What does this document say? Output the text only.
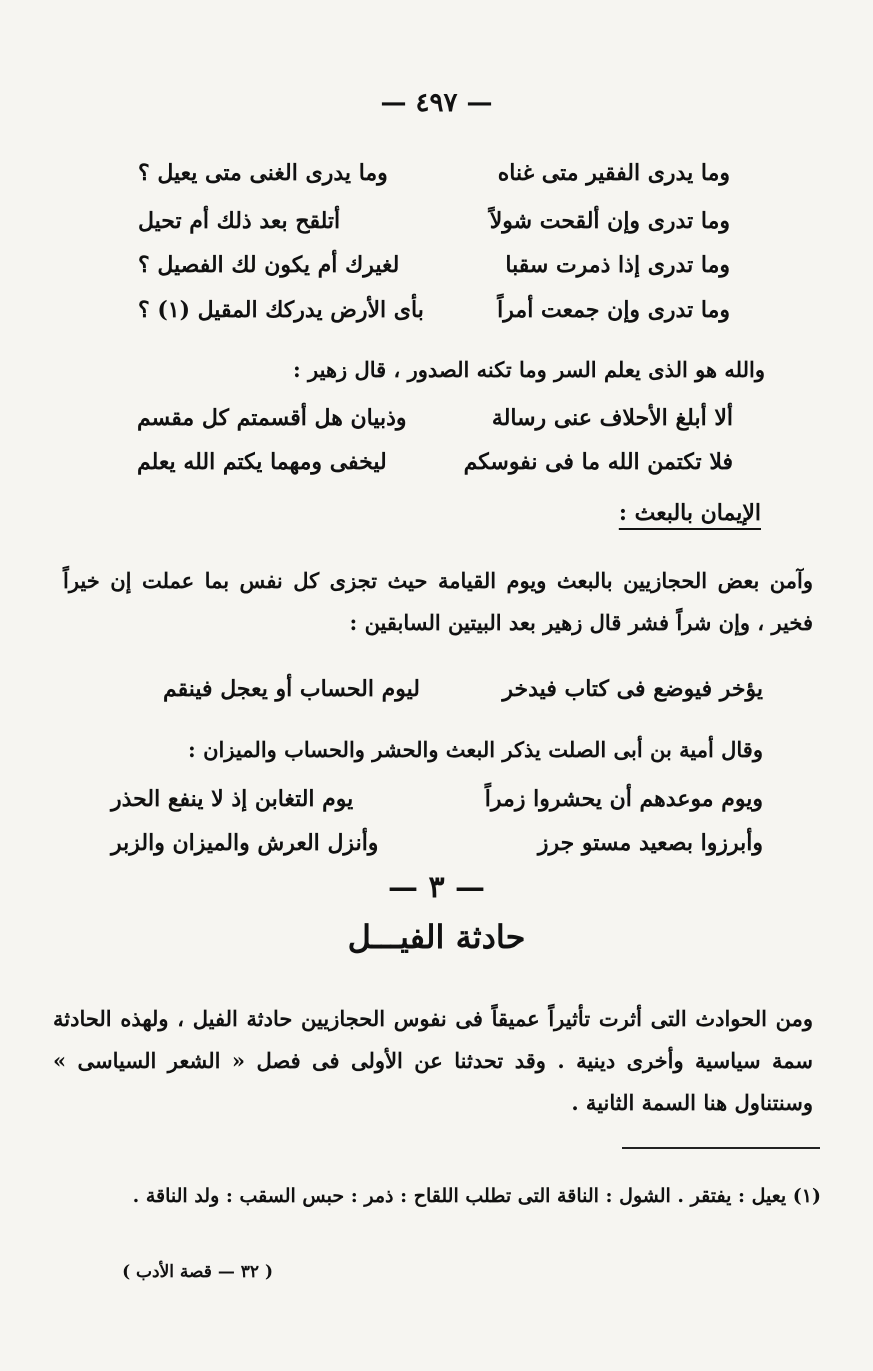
— ٤٩٧ —
وما يدرى الفقير متى غناه
وما يدرى الغنى متى يعيل ؟
وما تدرى وإن ألقحت شولاً
أتلقح بعد ذلك أم تحيل
وما تدرى إذا ذمرت سقبا
لغيرك أم يكون لك الفصيل ؟
وما تدرى وإن جمعت أمراً
بأى الأرض يدركك المقيل (١) ؟

والله هو الذى يعلم السر وما تكنه الصدور ، قال زهير :

ألا أبلغ الأحلاف عنى رسالة
وذبيان هل أقسمتم كل مقسم
فلا تكتمن الله ما فى نفوسكم
ليخفى ومهما يكتم الله يعلم
الإيمان بالبعث :

وآمن بعض الحجازيين بالبعث ويوم القيامة حيث تجزى كل نفس بما عملت إن خيراً فخير ، وإن شراً فشر قال زهير بعد البيتين السابقين :

يؤخر فيوضع فى كتاب فيدخر
ليوم الحساب أو يعجل فينقم

وقال أمية بن أبى الصلت يذكر البعث والحشر والحساب والميزان :

ويوم موعدهم أن يحشروا زمراً
يوم التغابن إذ لا ينفع الحذر
وأبرزوا بصعيد مستو جرز
وأنزل العرش والميزان والزبر
— ٣ —
حادثة الفيـــل

ومن الحوادث التى أثرت تأثيراً عميقاً فى نفوس الحجازيين حادثة الفيل ، ولهذه الحادثة سمة سياسية وأخرى دينية . وقد تحدثنا عن الأولى فى فصل « الشعر السياسى » وسنتناول هنا السمة الثانية .

(١) يعيل : يفتقر . الشول : الناقة التى تطلب اللقاح : ذمر : حبس السقب : ولد الناقة .

( ٣٢ — قصة الأدب )
